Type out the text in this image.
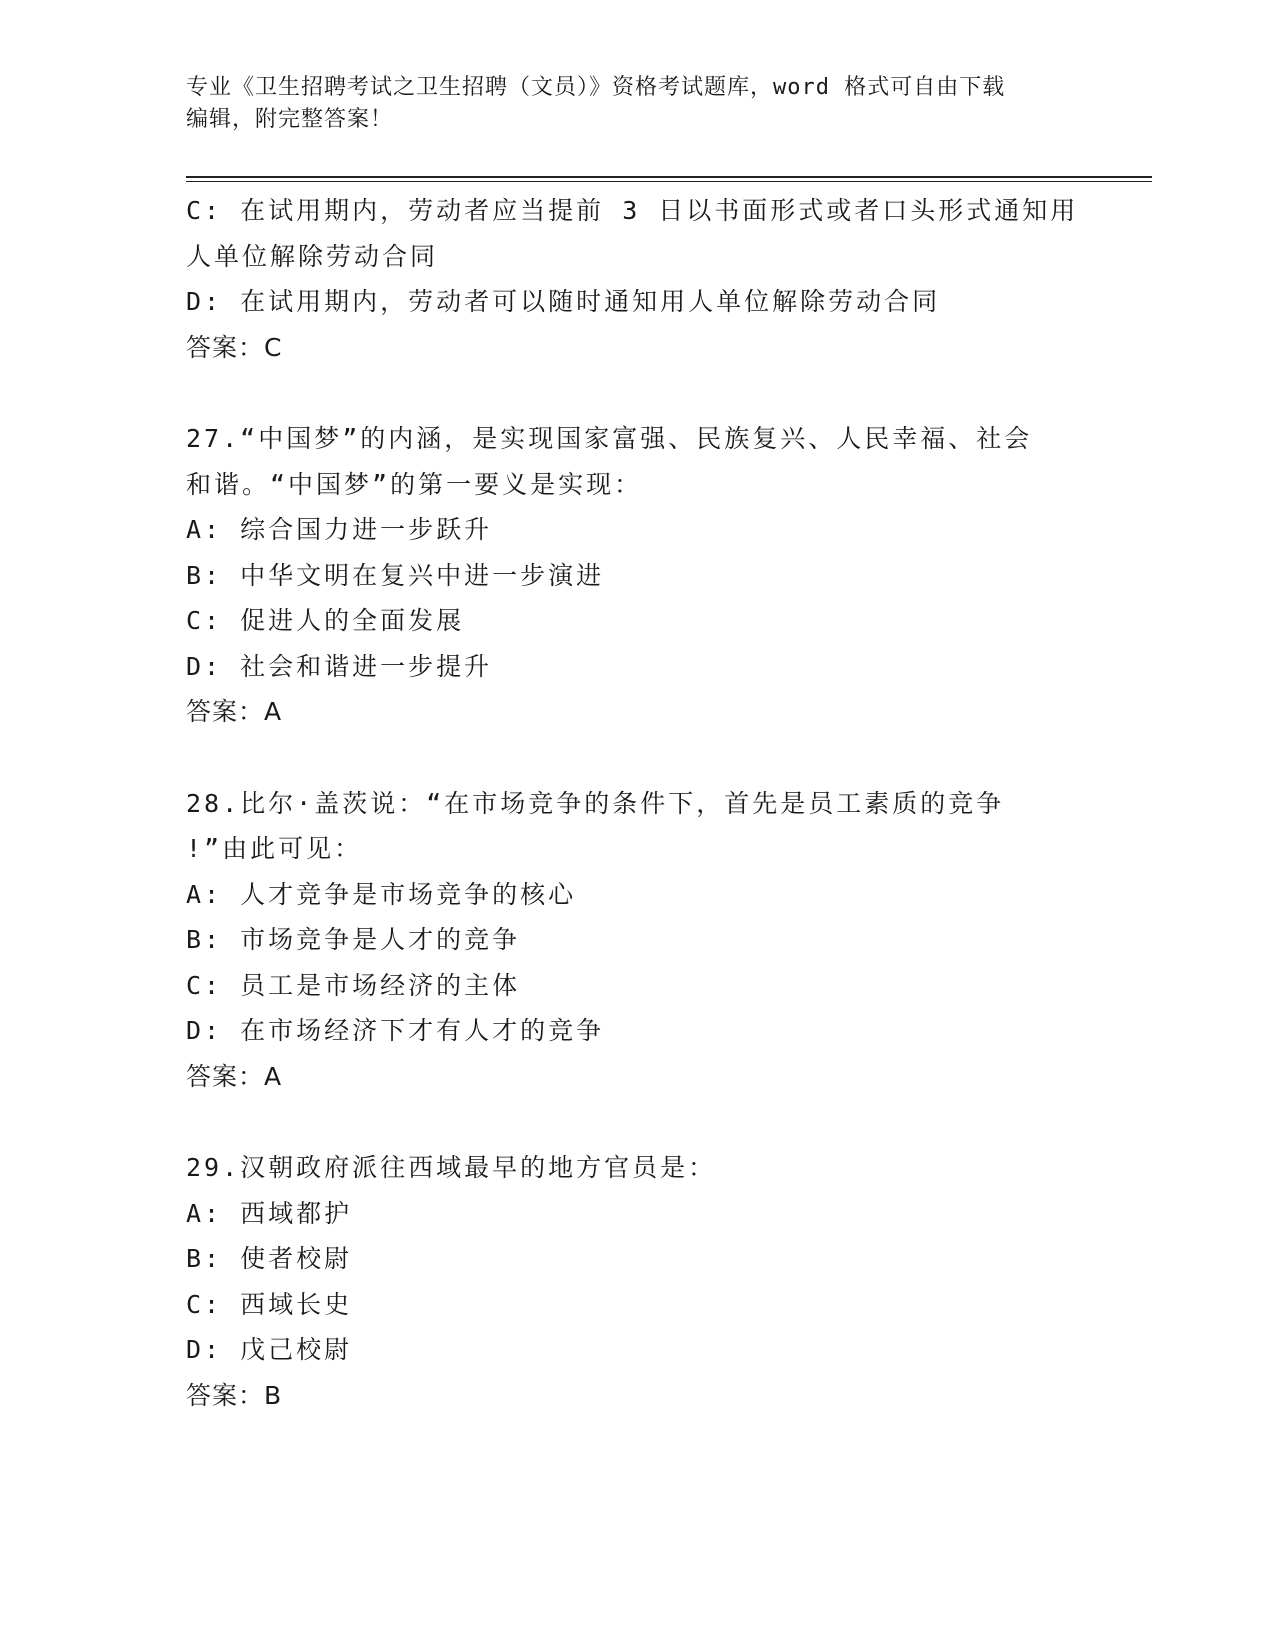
专业《卫生招聘考试之卫生招聘（文员）》资格考试题库，word 格式可自由下载
编辑，附完整答案！
C: 在试用期内，劳动者应当提前 3 日以书面形式或者口头形式通知用
人单位解除劳动合同
D: 在试用期内，劳动者可以随时通知用人单位解除劳动合同
答案：C
27.“中国梦”的内涵，是实现国家富强、民族复兴、人民幸福、社会
和谐。“中国梦”的第一要义是实现：
A: 综合国力进一步跃升
B: 中华文明在复兴中进一步演进
C: 促进人的全面发展
D: 社会和谐进一步提升
答案：A
28.比尔·盖茨说：“在市场竞争的条件下，首先是员工素质的竞争
!”由此可见：
A: 人才竞争是市场竞争的核心
B: 市场竞争是人才的竞争
C: 员工是市场经济的主体
D: 在市场经济下才有人才的竞争
答案：A
29.汉朝政府派往西域最早的地方官员是：
A: 西域都护
B: 使者校尉
C: 西域长史
D: 戊己校尉
答案：B
